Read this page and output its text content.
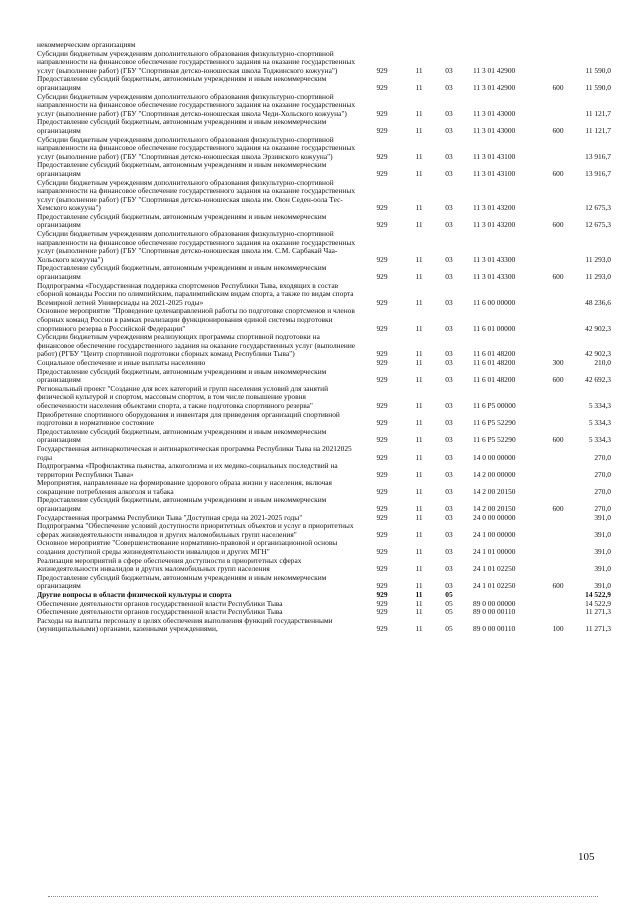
некоммерческим организациям						
Субсидии бюджетным учреждениям дополнительного образования физкультурно-спортивной направленности на финансовое обеспечение государственного задания на оказание государственных услуг (выполнение работ) (ГБУ "Спортивная детско-юношеская школа Тоджинского кожууна")	929	11	03	11 3 01 42900		11 590,0
Предоставление субсидий бюджетным, автономным учреждениям и иным некоммерческим организациям	929	11	03	11 3 01 42900	600	11 590,0
Субсидии бюджетным учреждениям дополнительного образования физкультурно-спортивной направленности на финансовое обеспечение государственного задания на оказание государственных услуг (выполнение работ) (ГБУ "Спортивная детско-юношеская школа Чеди-Хольского кожууна")	929	11	03	11 3 01 43000		11 121,7
Предоставление субсидий бюджетным, автономным учреждениям и иным некоммерческим организациям	929	11	03	11 3 01 43000	600	11 121,7
Субсидии бюджетным учреждениям дополнительного образования физкультурно-спортивной направленности на финансовое обеспечение государственного задания на оказание государственных услуг (выполнение работ) (ГБУ "Спортивная детско-юношеская школа Эрзинского кожууна")	929	11	03	11 3 01 43100		13 916,7
Предоставление субсидий бюджетным, автономным учреждениям и иным некоммерческим организациям	929	11	03	11 3 01 43100	600	13 916,7
Субсидии бюджетным учреждениям дополнительного образования физкультурно-спортивной направленности на финансовое обеспечение государственного задания на оказание государственных услуг (выполнение работ) (ГБУ "Спортивная детско-юношеская школа им. Оюн Седен-оола Тес-Хемского кожууна")	929	11	03	11 3 01 43200		12 675,3
Предоставление субсидий бюджетным, автономным учреждениям и иным некоммерческим организациям	929	11	03	11 3 01 43200	600	12 675,3
Субсидии бюджетным учреждениям дополнительного образования физкультурно-спортивной направленности на финансовое обеспечение государственного задания на оказание государственных услуг (выполнение работ) (ГБУ "Спортивная детско-юношеская школа им. С.М. Сарбакай Чаа-Хольского кожууна")	929	11	03	11 3 01 43300		11 293,0
Предоставление субсидий бюджетным, автономным учреждениям и иным некоммерческим организациям	929	11	03	11 3 01 43300	600	11 293,0
Подпрограмма «Государственная поддержка спортсменов Республики Тыва, входящих в состав сборной команды России по олимпийским, паралимпийским видам спорта, а также по видам спорта Всемирной летней Универсиады на 2021-2025 годы»	929	11	03	11 6 00 00000		48 236,6
Основное мероприятие "Проведение целенаправленной работы по подготовке спортсменов и членов сборных команд России в рамках реализации функционирования единой системы подготовки спортивного резерва в Российской Федерации"	929	11	03	11 6 01 00000		42 902,3
Субсидии бюджетным учреждениям реализующих программы спортивной подготовки на финансовое обеспечение государственного задания на оказание государственных услуг (выполнение работ) (РГБУ "Центр спортивной подготовки сборных команд Республики Тыва")	929	11	03	11 6 01 48200		42 902,3
Социальное обеспечение и иные выплаты населению	929	11	03	11 6 01 48200	300	210,0
Предоставление субсидий бюджетным, автономным учреждениям и иным некоммерческим организациям	929	11	03	11 6 01 48200	600	42 692,3
Региональный проект "Создание для всех категорий и групп населения условий для занятий физической культурой и спортом, массовым спортом, в том числе повышение уровня обеспеченности населения объектами спорта, а также подготовка спортивного резерва"	929	11	03	11 6 P5 00000		5 334,3
Приобретение спортивного оборудования и инвентаря для приведения организаций спортивной подготовки в нормативное состояние	929	11	03	11 6 P5 52290		5 334,3
Предоставление субсидий бюджетным, автономным учреждениям и иным некоммерческим организациям	929	11	03	11 6 P5 52290	600	5 334,3
Государственная антинаркотическая и антинаркотическая программа Республики Тыва на 20212025 годы	929	11	03	14 0 00 00000		270,0
Подпрограмма «Профилактика пьянства, алкоголизма и их медико-социальных последствий на территории Республики Тыва»	929	11	03	14 2 00 00000		270,0
Мероприятия, направленные на формирование здорового образа жизни у населения, включая сокращение потребления алкоголя и табака	929	11	03	14 2 00 20150		270,0
Предоставление субсидий бюджетным, автономным учреждениям и иным некоммерческим организациям	929	11	03	14 2 00 20150	600	270,0
Государственная программа Республики Тыва "Доступная среда на 2021-2025 годы"	929	11	03	24 0 00 00000		391,0
Подпрограмма "Обеспечение условий доступности приоритетных объектов и услуг в приоритетных сферах жизнедеятельности инвалидов и других маломобильных групп населения"	929	11	03	24 1 00 00000		391,0
Основное мероприятие "Совершенствование нормативно-правовой и организационной основы создания доступной среды жизнедеятельности инвалидов и других МГН"	929	11	03	24 1 01 00000		391,0
Реализация мероприятий в сфере обеспечения доступности в приоритетных сферах жизнедеятельности инвалидов и других маломобильных групп населения	929	11	03	24 1 01 02250		391,0
Предоставление субсидий бюджетным, автономным учреждениям и иным некоммерческим организациям	929	11	03	24 1 01 02250	600	391,0
Другие вопросы в области физической культуры и спорта	929	11	05			14 522,9
Обеспечение деятельности органов государственной власти Республики Тыва	929	11	05	89 0 00 00000		14 522,9
Обеспечение деятельности органов государственной власти Республики Тыва	929	11	05	89 0 00 00110		11 271,3
Расходы на выплаты персоналу в целях обеспечения выполнения функций государственными (муниципальными) органами, казенными учреждениями,	929	11	05	89 0 00 00110	100	11 271,3
105
